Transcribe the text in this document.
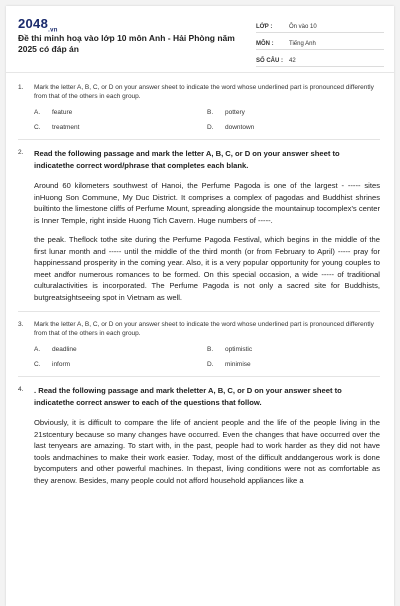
$2048_{.vn}$
Đề thi minh hoạ vào lớp 10 môn Anh - Hải Phòng năm 2025 có đáp án
LỚP :	Ôn vào 10
MÔN :	Tiếng Anh
SỐ CÂU :	42
1.	Mark the letter A, B, C, or D on your answer sheet to indicate the word whose underlined part is pronounced differently from that of the others in each group.
A.	feature	B.	pottery
C.	treatment	D.	downtown
2.	Read the following passage and mark the letter A, B, C, or D on your answer sheet to indicatethe correct word/phrase that completes each blank.

Around 60 kilometers southwest of Hanoi, the Perfume Pagoda is one of the largest - ----- sites inHuong Son Commune, My Duc District. It comprises a complex of pagodas and Buddhist shrines builtinto the limestone cliffs of Perfume Mount, spreading alongside the mountainup tocomplex's center is Inner Temple, right inside Huong Tich Cavern. Huge numbers of -----.

the peak. Theflock tothe site during the Perfume Pagoda Festival, which begins in the middle of the first lunar month and ----- until the middle of the third month (or from February to April) ----- pray for happinessand prosperity in the coming year. Also, it is a very popular opportunity for young couples to meet andfor numerous romances to be formed. On this special occasion, a wide ----- of traditional culturalactivities is incorporated. The Perfume Pagoda is not only a sacred site for Buddhists, butgreatsightseeing spot in Vietnam as well.

3.	Mark the letter A, B, C, or D on your answer sheet to indicate the word whose underlined part is pronounced differently from that of the others in each group.
A.	deadline	B.	optimistic
C.	inform	D.	minimise
4.	. Read the following passage and mark theletter A, B, C, or D on your answer sheet to indicatethe correct answer to each of the questions that follow.

Obviously, it is difficult to compare the life of ancient people and the life of the people living in the 21stcentury because so many changes have occurred. Even the changes that have occurred over the last tenyears are amazing. To start with, in the past, people had to work harder as they did not have tools andmachines to make their work easier. Today, most of the difficult anddangerous work is done bycomputers and other powerful machines. In thepast, living conditions were not as comfortable as they arenow. Besides, many people could not afford household appliances like a
